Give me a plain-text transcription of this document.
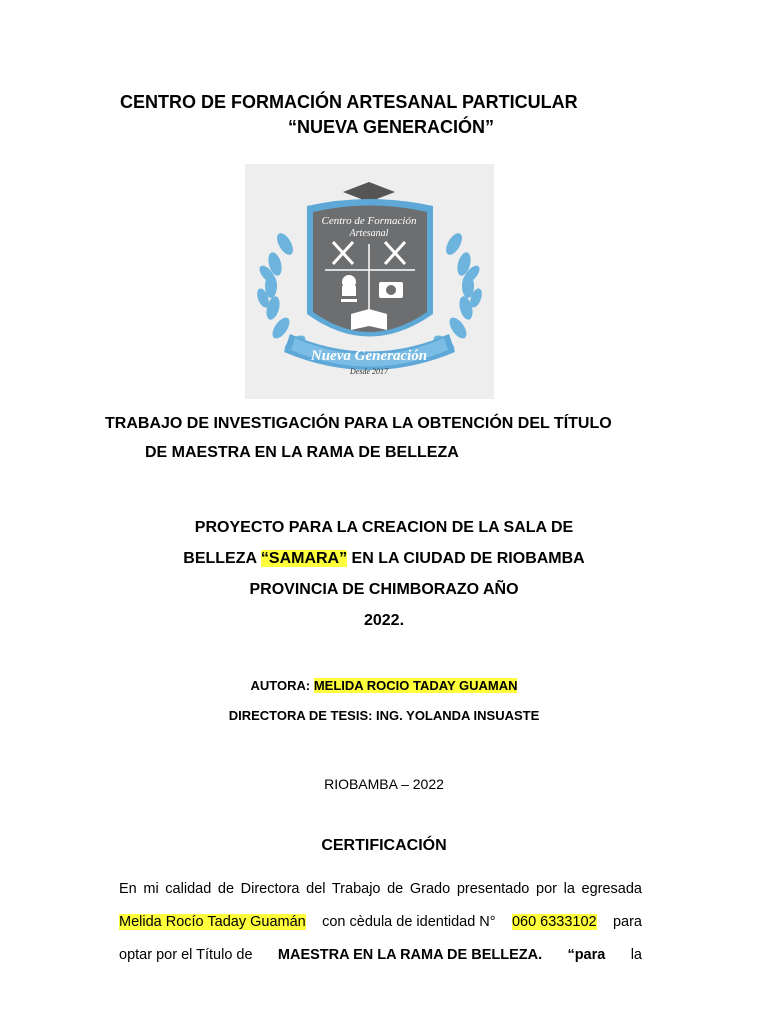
CENTRO DE FORMACIÓN ARTESANAL PARTICULAR
“NUEVA GENERACIÓN”
Centro de Formación
Artesanal
Nueva Generación
Desde 2017
TRABAJO DE INVESTIGACIÓN PARA LA OBTENCIÓN DEL TÍTULO
DE MAESTRA EN LA RAMA DE BELLEZA
PROYECTO PARA LA CREACION DE LA SALA DE
BELLEZA “SAMARA” EN LA CIUDAD DE RIOBAMBA
PROVINCIA DE CHIMBORAZO AÑO
2022.
AUTORA: MELIDA ROCIO TADAY GUAMAN
DIRECTORA DE TESIS: ING. YOLANDA INSUASTE
RIOBAMBA – 2022
CERTIFICACIÓN
En mi calidad de Directora del Trabajo de Grado presentado por la egresada
Melida Rocío Taday Guamán con cèdula de identidad N° 060 6333102 para
optar por el Título de MAESTRA EN LA RAMA DE BELLEZA. “para la
